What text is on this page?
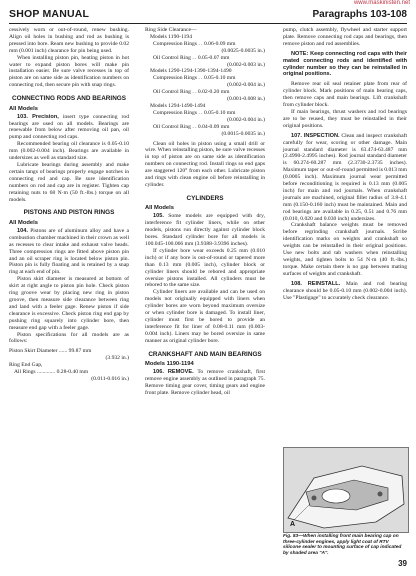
SHOP MANUAL	Paragraphs 103-108
www.maskinisten.net

cessively worn or out-of-round, renew bushing. Align oil holes in bushing and rod as bushing is pressed into bore. Ream new bushing to provide 0.02 mm (0.001 inch) clearance for pin being used.

When installing piston pin, heating piston in hot water to expand piston bores will make pin installation easier. Be sure valve recesses in top of piston are on same side as identification numbers on connecting rod, then secure pin with snap rings.

CONNECTING RODS AND BEARINGS
All Models

103. Precision, insert type connecting rod bearings are used on all models. Bearings are renewable from below after removing oil pan, oil pump and connecting rod caps.

Recommended bearing oil clearance is 0.05-0.10 mm (0.002-0.004 inch). Bearings are available in undersizes as well as standard size.

Lubricate bearings during assembly and make certain tangs of bearings properly engage notches in connecting rod and cap. Be sure identification numbers on rod and cap are in register. Tighten cap retaining nuts to 68 N·m (50 ft.-lbs.) torque on all models.

PISTONS AND PISTON RINGS
All Models

104. Pistons are of aluminum alloy and have a combustion chamber machined in their crown as well as recesses to clear intake and exhaust valve heads. Three compression rings are fitted above piston pin and an oil scraper ring is located below piston pin. Piston pin is fully floating and is retained by a snap ring at each end of pin.

Piston skirt diameter is measured at bottom of skirt at right angle to piston pin hole. Check piston ring groove wear by placing new ring in piston groove, then measure side clearance between ring and land with a feeler gage. Renew piston if side clearance is excessive. Check piston ring end gap by pushing ring squarely into cylinder bore, then measure end gap with a feeler gage.

Piston specifications for all models are as follows:

Piston Skirt Diameter ...... 99.87 mm
(3.932 in.)
Ring End Gap,
All Rings ............. 0.28-0.40 mm
(0.011-0.016 in.)
Ring Side Clearance—
Models 1190-1194
Compression Rings . . 0.06-0.09 mm
(0.0025-0.0035 in.)
Oil Control Ring . . 0.05-0.07 mm
(0.002-0.003 in.)
Models 1290-1294-1390-1394-1490
Compression Rings . . 0.05-0.10 mm
(0.002-0.004 in.)
Oil Control Ring . . 0.02-0.20 mm
(0.001-0.008 in.)
Models 1294-1490-1494
Compression Rings . . 0.05-0.10 mm
(0.002-0.004 in.)
Oil Control Ring . . 0.04-0.09 mm
(0.0015-0.0035 in.)

Clean oil holes in piston using a small drill or wire. When reinstalling piston, be sure valve recesses in top of piston are on same side as identification numbers on connecting rod. Install rings so end gaps are staggered 120° from each other. Lubricate piston and rings with clean engine oil before reinstalling in cylinder.

CYLINDERS
All Models

105. Some models are equipped with dry, interference fit cylinder liners, while on other models, pistons run directly against cylinder block bores. Standard cylinder bore for all models is 100.045-100.066 mm (3.9388-3.9396 inches).

If cylinder bore wear exceeds 0.25 mm (0.010 inch) or if any bore is out-of-round or tapered more than 0.13 mm (0.005 inch), cylinder block or cylinder liners should be rebored and appropriate oversize pistons installed. All cylinders must be rebored to the same size.

Cylinder liners are available and can be used on models not originally equipped with liners when cylinder bores are worn beyond maximum oversize or when cylinder bore is damaged. To install liner, cylinder must first be bored to provide an interference fit for liner of 0.08-0.11 mm (0.003-0.004 inch). Liners may be bored oversize in same manner as original cylinder bore.

CRANKSHAFT AND MAIN BEARINGS
Models 1190-1194

106. REMOVE. To remove crankshaft, first remove engine assembly as outlined in paragraph 75. Remove timing gear cover, timing gears and engine front plate. Remove cylinder head, oil

pump, clutch assembly, flywheel and starter support plate. Remove connecting rod caps and bearings, then remove piston and rod assemblies.

NOTE: Keep connecting rod caps with their mated connecting rods and identified with cylinder number so they can be reinstalled in original positions.

Remove rear oil seal retainer plate from rear of cylinder block. Mark positions of main bearing caps, then remove caps and main bearings. Lift crankshaft from cylinder block.

If main bearings, thrust washers and rod bearings are to be reused, they must be reinstalled in their original positions.

107. INSPECTION. Clean and inspect crankshaft carefully for wear, scoring or other damage. Main journal standard diameter is 63.474-63.487 mm (2.4990-2.4995 inches). Rod journal standard diameter is 60.274-60.287 mm (2.3730-2.3735 inches). Maximum taper or out-of-round permitted is 0.013 mm (0.0005 inch). Maximum journal wear permitted before reconditioning is required is 0.13 mm (0.005 inch) for main and rod journals. When crankshaft journals are machined, original fillet radius of 3.8-4.1 mm (0.150-0.160 inch) must be maintained. Main and rod bearings are available in 0.25, 0.51 and 0.76 mm (0.010, 0.020 and 0.030 inch) undersizes.

Crankshaft balance weights must be removed before regrinding crankshaft journals. Scribe identification marks on weights and crankshaft so weights can be reinstalled in their original positions. Use new bolts and tab washers when reinstalling weights, and tighten bolts to 54 N·m (40 ft.-lbs.) torque. Make certain there is no gap between mating surfaces of weights and crankshaft.

108. REINSTALL. Main and rod bearing clearance should be 0.05-0.10 mm (0.002-0.004 inch). Use "Plastigage" to accurately check clearance.

A
Fig. 83—When installing front main bearing cap on three-cylinder engines, apply light coat of RTV silicone sealer to mounting surface of cap indicated by shaded area "A".
39
